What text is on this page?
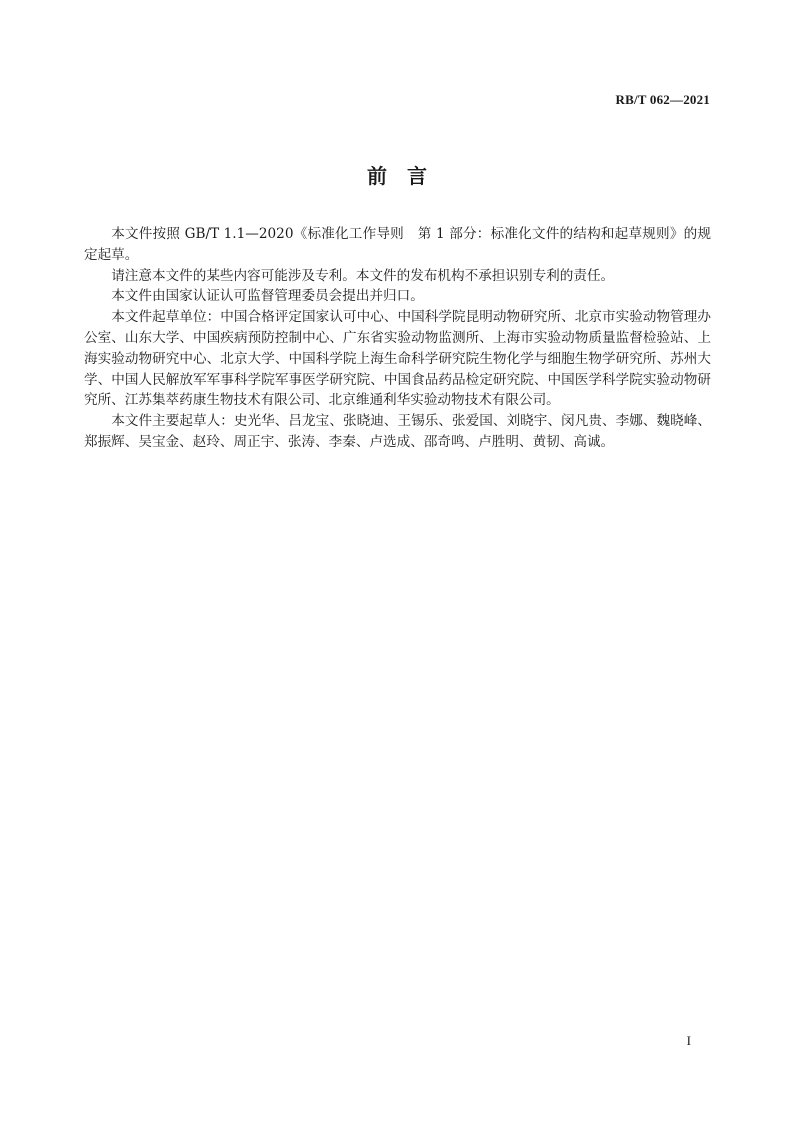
RB/T 062—2021
前　言

本文件按照 GB/T 1.1—2020《标准化工作导则　第 1 部分：标准化文件的结构和起草规则》的规定起草。

请注意本文件的某些内容可能涉及专利。本文件的发布机构不承担识别专利的责任。

本文件由国家认证认可监督管理委员会提出并归口。

本文件起草单位：中国合格评定国家认可中心、中国科学院昆明动物研究所、北京市实验动物管理办公室、山东大学、中国疾病预防控制中心、广东省实验动物监测所、上海市实验动物质量监督检验站、上海实验动物研究中心、北京大学、中国科学院上海生命科学研究院生物化学与细胞生物学研究所、苏州大学、中国人民解放军军事科学院军事医学研究院、中国食品药品检定研究院、中国医学科学院实验动物研究所、江苏集萃药康生物技术有限公司、北京维通利华实验动物技术有限公司。

本文件主要起草人：史光华、吕龙宝、张晓迪、王锡乐、张爱国、刘晓宇、闵凡贵、李娜、魏晓峰、郑振辉、吴宝金、赵玲、周正宇、张涛、李秦、卢选成、邵奇鸣、卢胜明、黄韧、高诚。

I
